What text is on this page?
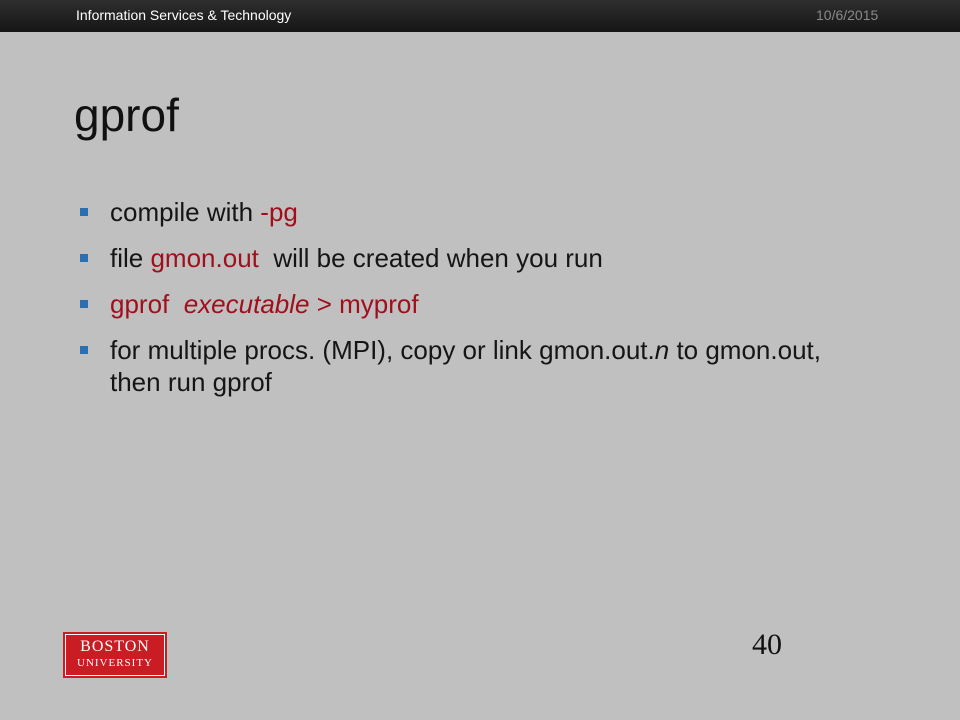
Information Services & Technology	10/6/2015
gprof
compile with -pg
file gmon.out  will be created when you run
gprof  executable > myprof
for multiple procs. (MPI), copy or link gmon.out.n to gmon.out, then run gprof
BOSTON
UNIVERSITY
40
